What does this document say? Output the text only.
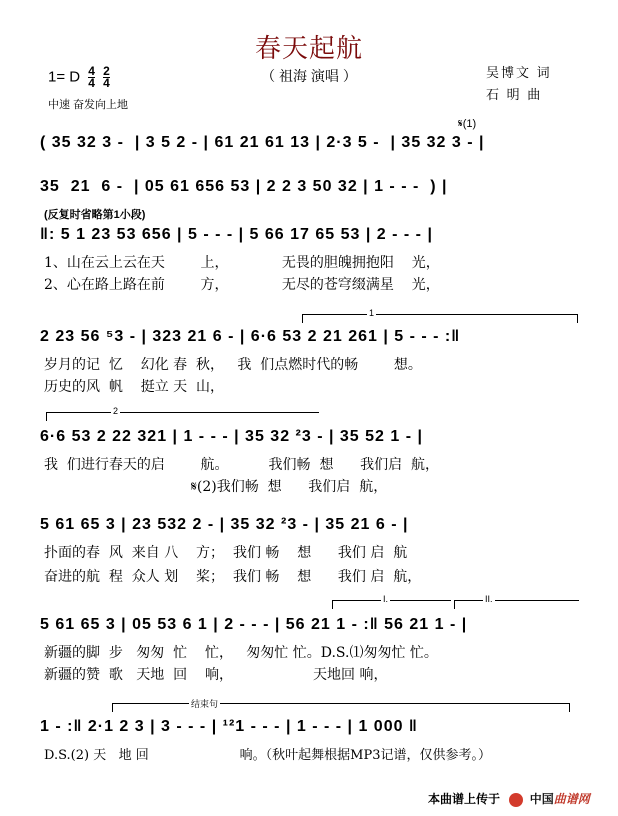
春天起航
（ 祖海 演唱 ）
1= D $\frac{4}{4}$
$\frac{2}{4}$
中速 奋发向上地
吴博文 词
石 明 曲
𝄋(1)
( 35 32 3 -  | 3 5 2 - | 61 21 61 13 | 2·3 5 -  | 35 32 3 - |
35  21  6 -  | 05 61 656 53 | 2 2 3 50 32 | 1 - - -  ) |
(反复时省略第1小段)
‖: 5 1 23 53 656 | 5 - - - | 5 66 17 65 53 | 2 - - - |
1、山在云上云在天        上，            无畏的胆魄拥抱阳    光，
2、心在路上路在前        方，            无尽的苍穹缀满星    光，
1
2 23 56 ⁵3 - | 323 21 6 - | 6·6 53 2 21 261 | 5 - - - :‖
岁月的记  忆    幻化 春  秋，   我  们点燃时代的畅        想。
历史的风  帆    挺立 天  山，
2
6·6 53 2 22 321 | 1 - - - | 35 32 ²3 - | 35 52 1 - |
我  们进行春天的启        航。         我们畅  想      我们启  航，
𝄋(2)我们畅  想      我们启  航，
5 61 65 3 | 23 532 2 - | 35 32 ²3 - | 35 21 6 - |
扑面的春  风  来自 八    方；  我们 畅    想      我们 启  航
奋进的航  程  众人 划    桨；  我们 畅    想      我们 启  航，
I.	II.
5 61 65 3 | 05 53 6 1 | 2 - - - | 56 21 1 - :‖ 56 21 1 - |
新疆的脚  步   匆匆  忙    忙，   匆匆忙 忙。D.S.⑴匆匆忙 忙。
新疆的赞  歌   天地  回    响，                  天地回 响，
结束句
1 - :‖ 2·1 2 3 | 3 - - - | ¹²1 - - - | 1 - - - | 1 000 ‖
D.S.(2) 天   地 回                      响。（秋叶起舞根据MP3记谱，仅供参考。）
本曲谱上传于 中国曲谱网
